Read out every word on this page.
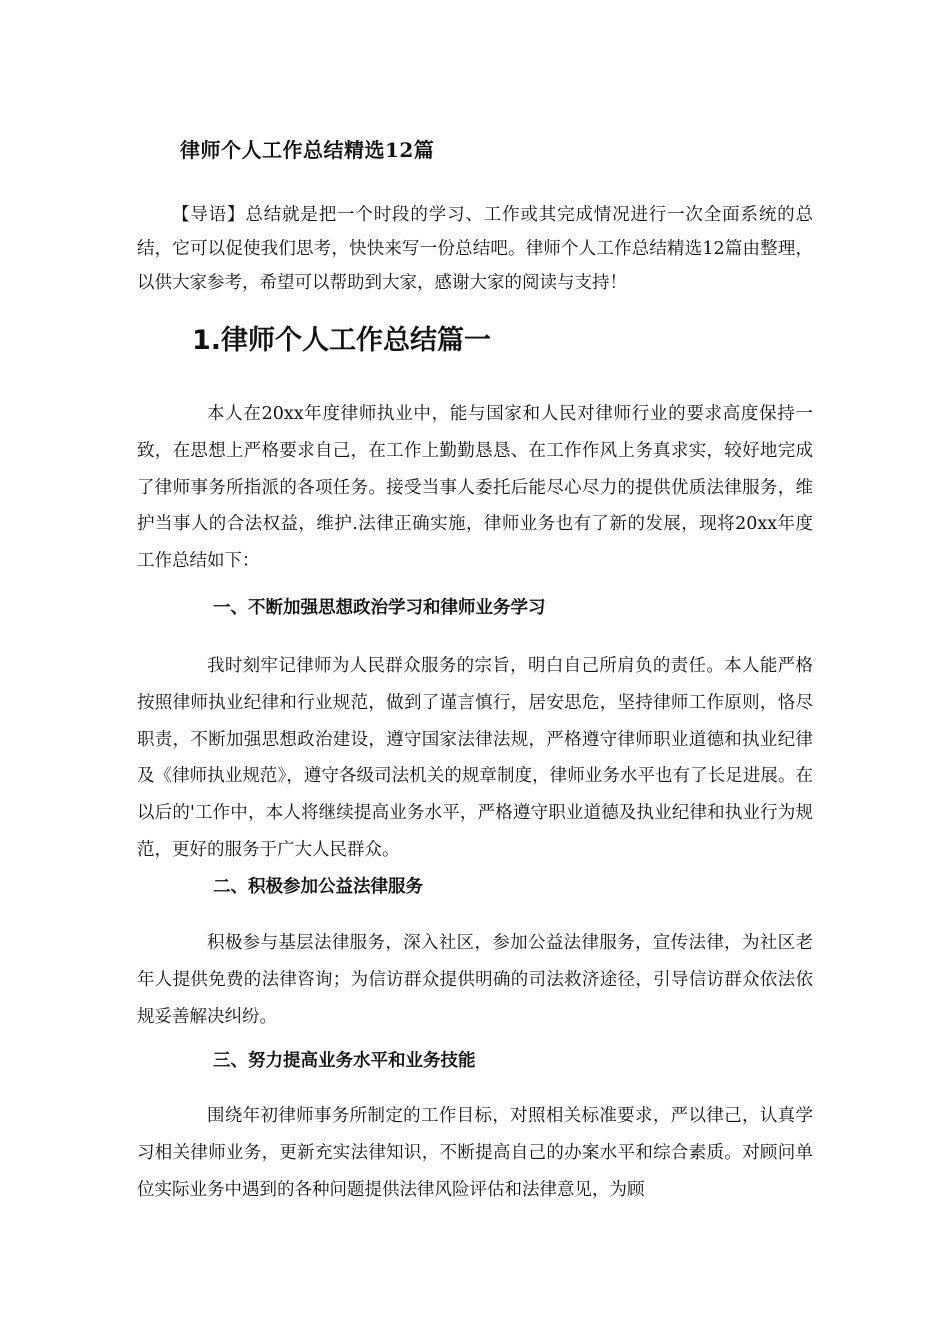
律师个人工作总结精选12篇

【导语】总结就是把一个时段的学习、工作或其完成情况进行一次全面系统的总结，它可以促使我们思考，快快来写一份总结吧。律师个人工作总结精选12篇由整理，以供大家参考，希望可以帮助到大家，感谢大家的阅读与支持！

1.律师个人工作总结篇一

本人在20xx年度律师执业中，能与国家和人民对律师行业的要求高度保持一致，在思想上严格要求自己，在工作上勤勤恳恳、在工作作风上务真求实，较好地完成了律师事务所指派的各项任务。接受当事人委托后能尽心尽力的提供优质法律服务，维护当事人的合法权益，维护.法律正确实施，律师业务也有了新的发展，现将20xx年度工作总结如下：

一、不断加强思想政治学习和律师业务学习

我时刻牢记律师为人民群众服务的宗旨，明白自己所肩负的责任。本人能严格按照律师执业纪律和行业规范，做到了谨言慎行，居安思危，坚持律师工作原则，恪尽职责，不断加强思想政治建设，遵守国家法律法规，严格遵守律师职业道德和执业纪律及《律师执业规范》，遵守各级司法机关的规章制度，律师业务水平也有了长足进展。在以后的'工作中，本人将继续提高业务水平，严格遵守职业道德及执业纪律和执业行为规范，更好的服务于广大人民群众。

二、积极参加公益法律服务

积极参与基层法律服务，深入社区，参加公益法律服务，宣传法律，为社区老年人提供免费的法律咨询；为信访群众提供明确的司法救济途径，引导信访群众依法依规妥善解决纠纷。

三、努力提高业务水平和业务技能

围绕年初律师事务所制定的工作目标，对照相关标准要求，严以律己，认真学习相关律师业务，更新充实法律知识，不断提高自己的办案水平和综合素质。对顾问单位实际业务中遇到的各种问题提供法律风险评估和法律意见，为顾
